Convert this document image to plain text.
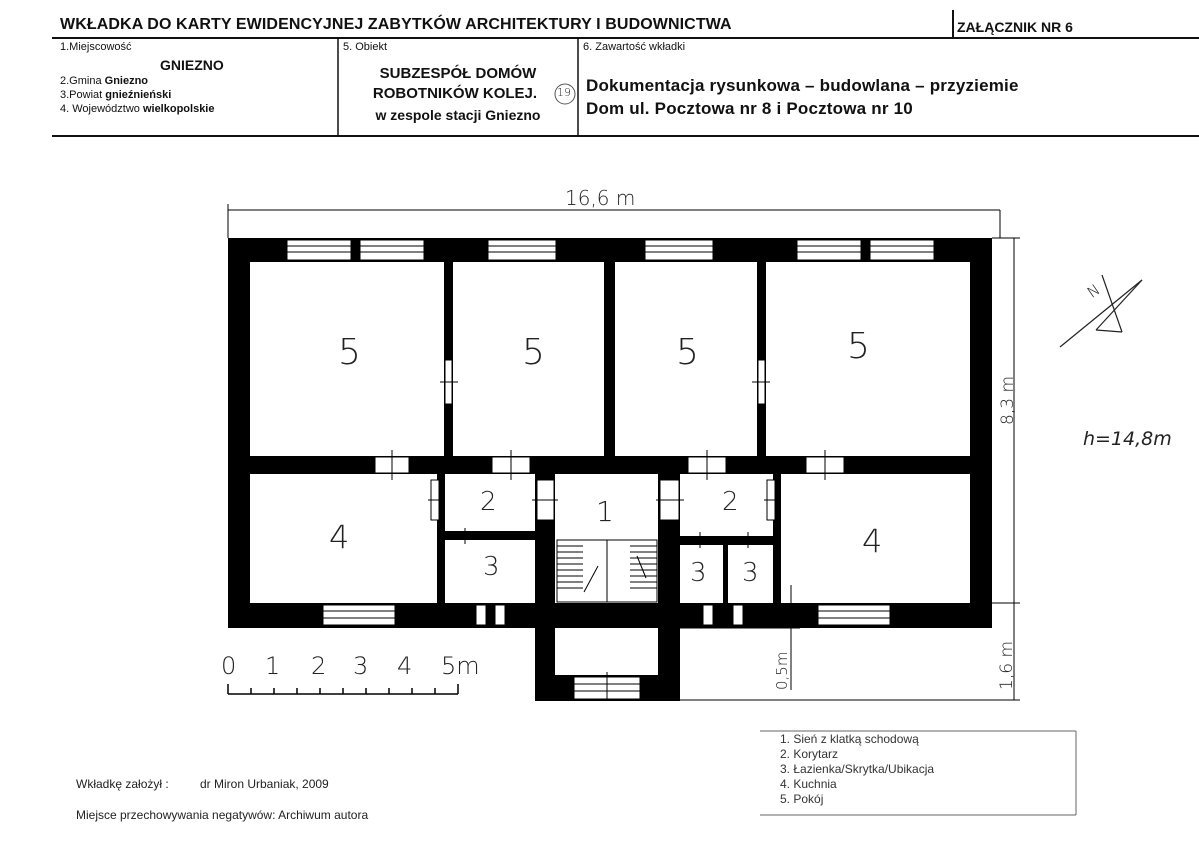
WKŁADKA DO KARTY EWIDENCYJNEJ ZABYTKÓW ARCHITEKTURY I BUDOWNICTWA	ZAŁĄCZNIK NR 6
1.Miejscowość
GNIEZNO
2.Gmina Gniezno
3.Powiat gnieźnieński
4. Województwo wielkopolskie
5. Obiekt
SUBZESPÓŁ DOMÓW
ROBOTNIKÓW KOLEJ.
w zespole stacji Gniezno
19
6. Zawartość wkładki
Dokumentacja rysunkowa – budowlana – przyziemie
Dom ul. Pocztowa nr 8 i Pocztowa nr 10
16,6 m
8,3 m
1,6 m
0,5m
h=14,8m
N
5	5	5	5
4
2	1	2
4
3	3 3
0 1 2 3 4 5m
1. Sień z klatką schodową
2. Korytarz
3. Łazienka/Skrytka/Ubikacja
4. Kuchnia
5. Pokój
Wkładkę założył :	dr Miron Urbaniak, 2009
Miejsce przechowywania negatywów: Archiwum autora
